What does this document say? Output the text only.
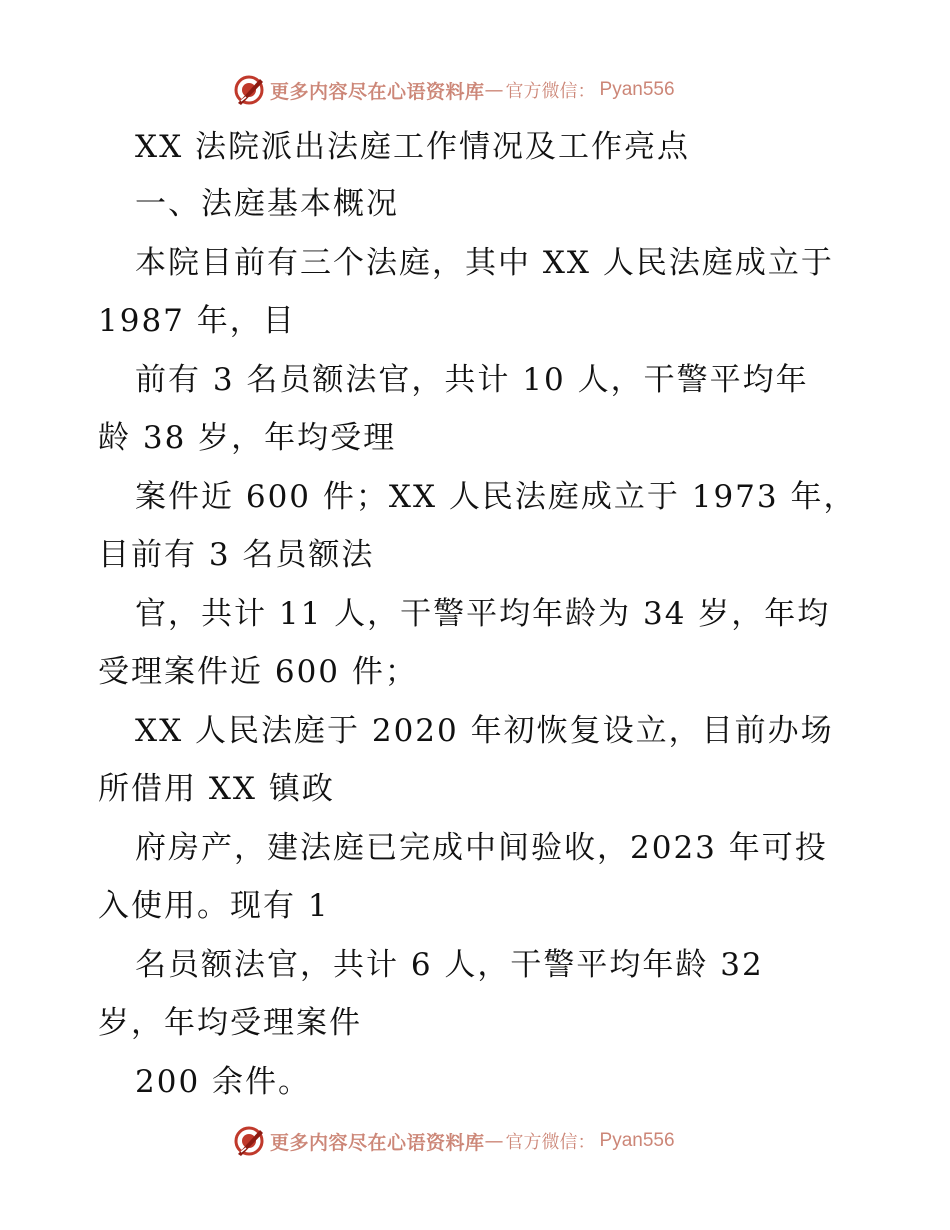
更多内容尽在心语资料库 — 官方微信： Pyan556
XX 法院派出法庭工作情况及工作亮点
一、法庭基本概况
本院目前有三个法庭，其中 XX 人民法庭成立于
1987 年，目
前有 3 名员额法官，共计 10 人，干警平均年
龄 38 岁，年均受理
案件近 600 件；XX 人民法庭成立于 1973 年，
目前有 3 名员额法
官，共计 11 人，干警平均年龄为 34 岁，年均
受理案件近 600 件；
XX 人民法庭于 2020 年初恢复设立，目前办场
所借用 XX 镇政
府房产，建法庭已完成中间验收，2023 年可投
入使用。现有 1
名员额法官，共计 6 人，干警平均年龄 32
岁，年均受理案件
200 余件。
更多内容尽在心语资料库 — 官方微信： Pyan556
